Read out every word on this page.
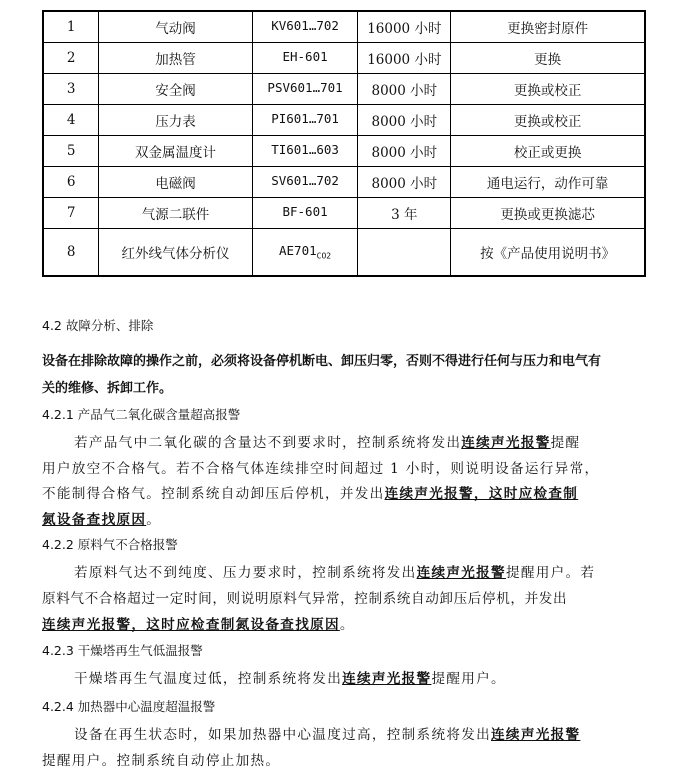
1	气动阀	KV601…702	16000 小时	更换密封原件
2	加热管	EH-601	16000 小时	更换
3	安全阀	PSV601…701	8000 小时	更换或校正
4	压力表	PI601…701	8000 小时	更换或校正
5	双金属温度计	TI601…603	8000 小时	校正或更换
6	电磁阀	SV601…702	8000 小时	通电运行，动作可靠
7	气源二联件	BF-601	3 年	更换或更换滤芯
8	红外线气体分析仪	$AE701_{CO2}$		按《产品使用说明书》
4.2 故障分析、排除
设备在排除故障的操作之前，必须将设备停机断电、卸压归零，否则不得进行任何与压力和电气有
关的维修、拆卸工作。
4.2.1 产品气二氧化碳含量超高报警
若产品气中二氧化碳的含量达不到要求时，控制系统将发出连续声光报警提醒
用户放空不合格气。若不合格气体连续排空时间超过 1 小时，则说明设备运行异常，
不能制得合格气。控制系统自动卸压后停机，并发出连续声光报警，这时应检查制
氮设备查找原因。
4.2.2 原料气不合格报警
若原料气达不到纯度、压力要求时，控制系统将发出连续声光报警提醒用户。若
原料气不合格超过一定时间，则说明原料气异常，控制系统自动卸压后停机，并发出
连续声光报警，这时应检查制氮设备查找原因。
4.2.3 干燥塔再生气低温报警
干燥塔再生气温度过低，控制系统将发出连续声光报警提醒用户。
4.2.4 加热器中心温度超温报警
设备在再生状态时，如果加热器中心温度过高，控制系统将发出连续声光报警
提醒用户。控制系统自动停止加热。
